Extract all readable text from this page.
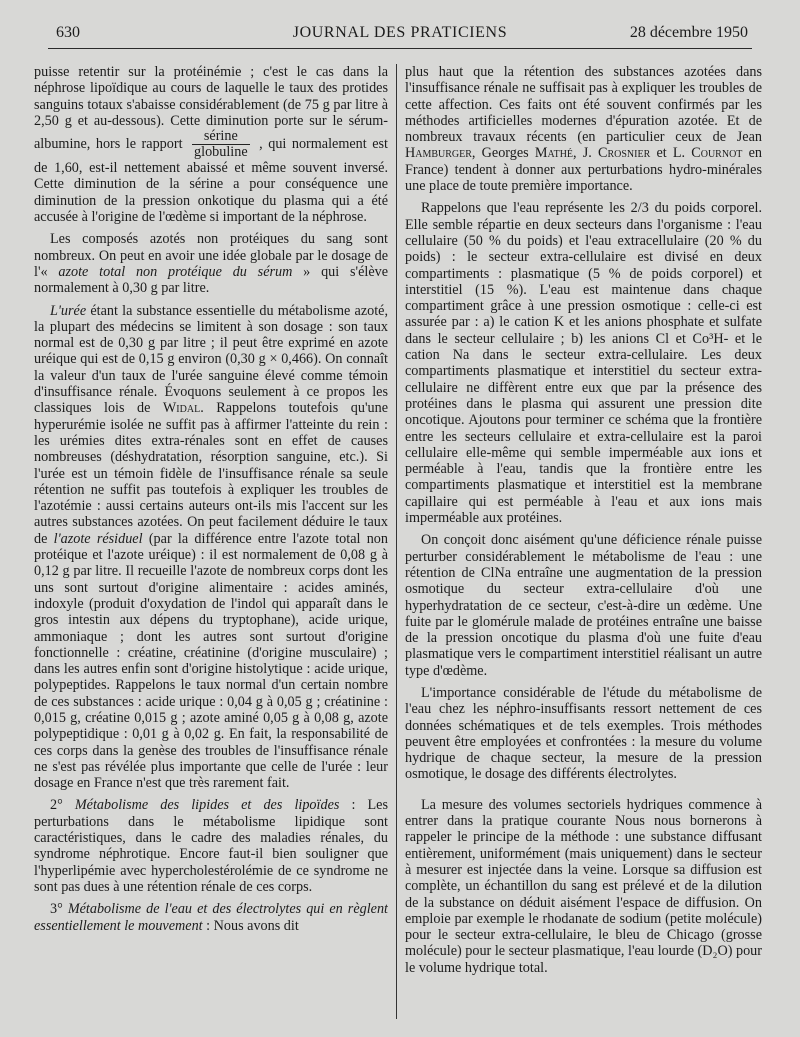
630	JOURNAL DES PRATICIENS	28 décembre 1950

puisse retentir sur la protéinémie ; c'est le cas dans la néphrose lipoïdique au cours de laquelle le taux des protides sanguins totaux s'abaisse considérablement (de 75 g par litre à 2,50 g et au-dessous). Cette diminution porte sur le sérum-albumine, hors le rapport $\frac{\text{sérine}}{\text{globuline}}$ , qui normalement est de 1,60, est-il nettement abaissé et même souvent inversé. Cette diminution de la sérine a pour conséquence une diminution de la pression onkotique du plasma qui a été accusée à l'origine de l'œdème si important de la néphrose.

Les composés azotés non protéiques du sang sont nombreux. On peut en avoir une idée globale par le dosage de l'« azote total non protéique du sérum » qui s'élève normalement à 0,30 g par litre.

L'urée étant la substance essentielle du métabolisme azoté, la plupart des médecins se limitent à son dosage : son taux normal est de 0,30 g par litre ; il peut être exprimé en azote uréique qui est de 0,15 g environ (0,30 g × 0,466). On connaît la valeur d'un taux de l'urée sanguine élevé comme témoin d'insuffisance rénale. Évoquons seulement à ce propos les classiques lois de Widal. Rappelons toutefois qu'une hyperurémie isolée ne suffit pas à affirmer l'atteinte du rein : les urémies dites extra-rénales sont en effet de causes nombreuses (déshydratation, résorption sanguine, etc.). Si l'urée est un témoin fidèle de l'insuffisance rénale sa seule rétention ne suffit pas toutefois à expliquer les troubles de l'azotémie : aussi certains auteurs ont-ils mis l'accent sur les autres substances azotées. On peut facilement déduire le taux de l'azote résiduel (par la différence entre l'azote total non protéique et l'azote uréique) : il est normalement de 0,08 g à 0,12 g par litre. Il recueille l'azote de nombreux corps dont les uns sont surtout d'origine alimentaire : acides aminés, indoxyle (produit d'oxydation de l'indol qui apparaît dans le gros intestin aux dépens du tryptophane), acide urique, ammoniaque ; dont les autres sont surtout d'origine fonctionnelle : créatine, créatinine (d'origine musculaire) ; dans les autres enfin sont d'origine histolytique : acide urique, polypeptides. Rappelons le taux normal d'un certain nombre de ces substances : acide urique : 0,04 g à 0,05 g ; créatinine : 0,015 g, créatine 0,015 g ; azote aminé 0,05 g à 0,08 g, azote polypeptidique : 0,01 g à 0,02 g. En fait, la responsabilité de ces corps dans la genèse des troubles de l'insuffisance rénale ne s'est pas révélée plus importante que celle de l'urée : leur dosage en France n'est que très rarement fait.

2° Métabolisme des lipides et des lipoïdes : Les perturbations dans le métabolisme lipidique sont caractéristiques, dans le cadre des maladies rénales, du syndrome néphrotique. Encore faut-il bien souligner que l'hyperlipémie avec hypercholestérolémie de ce syndrome ne sont pas dues à une rétention rénale de ces corps.

3° Métabolisme de l'eau et des électrolytes qui en règlent essentiellement le mouvement : Nous avons dit

plus haut que la rétention des substances azotées dans l'insuffisance rénale ne suffisait pas à expliquer les troubles de cette affection. Ces faits ont été souvent confirmés par les méthodes artificielles modernes d'épuration azotée. Et de nombreux travaux récents (en particulier ceux de Jean Hamburger, Georges Mathé, J. Crosnier et L. Cournot en France) tendent à donner aux perturbations hydro-minérales une place de toute première importance.

Rappelons que l'eau représente les 2/3 du poids corporel. Elle semble répartie en deux secteurs dans l'organisme : l'eau cellulaire (50 % du poids) et l'eau extracellulaire (20 % du poids) : le secteur extra-cellulaire est divisé en deux compartiments : plasmatique (5 % de poids corporel) et interstitiel (15 %). L'eau est maintenue dans chaque compartiment grâce à une pression osmotique : celle-ci est assurée par : a) le cation K et les anions phosphate et sulfate dans le secteur cellulaire ; b) les anions Cl et Co³H- et le cation Na dans le secteur extra-cellulaire. Les deux compartiments plasmatique et interstitiel du secteur extra-cellulaire ne diffèrent entre eux que par la présence des protéines dans le plasma qui assurent une pression dite oncotique. Ajoutons pour terminer ce schéma que la frontière entre les secteurs cellulaire et extra-cellulaire est la paroi cellulaire elle-même qui semble imperméable aux ions et perméable à l'eau, tandis que la frontière entre les compartiments plasmatique et interstitiel est la membrane capillaire qui est perméable à l'eau et aux ions mais imperméable aux protéines.

On conçoit donc aisément qu'une déficience rénale puisse perturber considérablement le métabolisme de l'eau : une rétention de ClNa entraîne une augmentation de la pression osmotique du secteur extra-cellulaire d'où une hyperhydratation de ce secteur, c'est-à-dire un œdème. Une fuite par le glomérule malade de protéines entraîne une baisse de la pression oncotique du plasma d'où une fuite d'eau plasmatique vers le compartiment interstitiel réalisant un autre type d'œdème.

L'importance considérable de l'étude du métabolisme de l'eau chez les néphro-insuffisants ressort nettement de ces données schématiques et de tels exemples. Trois méthodes peuvent être employées et confrontées : la mesure du volume hydrique de chaque secteur, la mesure de la pression osmotique, le dosage des différents électrolytes.

La mesure des volumes sectoriels hydriques commence à entrer dans la pratique courante Nous nous bornerons à rappeler le principe de la méthode : une substance diffusant entièrement, uniformément (mais uniquement) dans le secteur à mesurer est injectée dans la veine. Lorsque sa diffusion est complète, un échantillon du sang est prélevé et de la dilution de la substance on déduit aisément l'espace de diffusion. On emploie par exemple le rhodanate de sodium (petite molécule) pour le secteur extra-cellulaire, le bleu de Chicago (grosse molécule) pour le secteur plasmatique, l'eau lourde (D₂O) pour le volume hydrique total.
